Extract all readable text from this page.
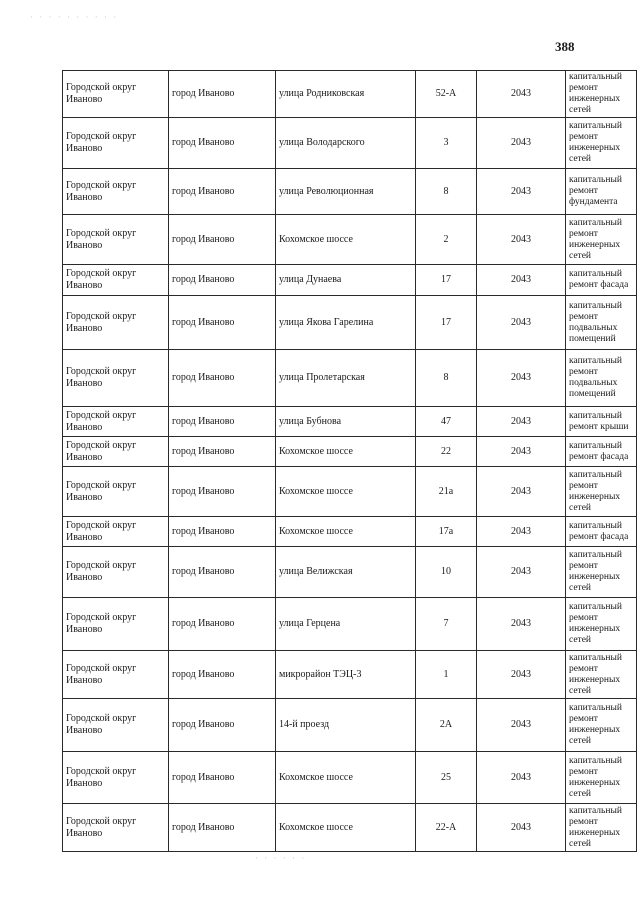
· · · · · · · · · ·
388
Городской округ Иваново	город Иваново	улица Родниковская	52-А	2043	капитальный ремонт инженерных сетей
Городской округ Иваново	город Иваново	улица Володарского	3	2043	капитальный ремонт инженерных сетей
Городской округ Иваново	город Иваново	улица Революционная	8	2043	капитальный ремонт фундамента
Городской округ Иваново	город Иваново	Кохомское шоссе	2	2043	капитальный ремонт инженерных сетей
Городской округ Иваново	город Иваново	улица Дунаева	17	2043	капитальный ремонт фасада
Городской округ Иваново	город Иваново	улица Якова Гарелина	17	2043	капитальный ремонт подвальных помещений
Городской округ Иваново	город Иваново	улица Пролетарская	8	2043	капитальный ремонт подвальных помещений
Городской округ Иваново	город Иваново	улица Бубнова	47	2043	капитальный ремонт крыши
Городской округ Иваново	город Иваново	Кохомское шоссе	22	2043	капитальный ремонт фасада
Городской округ Иваново	город Иваново	Кохомское шоссе	21а	2043	капитальный ремонт инженерных сетей
Городской округ Иваново	город Иваново	Кохомское шоссе	17а	2043	капитальный ремонт фасада
Городской округ Иваново	город Иваново	улица Велижская	10	2043	капитальный ремонт инженерных сетей
Городской округ Иваново	город Иваново	улица Герцена	7	2043	капитальный ремонт инженерных сетей
Городской округ Иваново	город Иваново	микрорайон ТЭЦ-3	1	2043	капитальный ремонт инженерных сетей
Городской округ Иваново	город Иваново	14-й проезд	2А	2043	капитальный ремонт инженерных сетей
Городской округ Иваново	город Иваново	Кохомское шоссе	25	2043	капитальный ремонт инженерных сетей
Городской округ Иваново	город Иваново	Кохомское шоссе	22-А	2043	капитальный ремонт инженерных сетей
· · · · · ·
